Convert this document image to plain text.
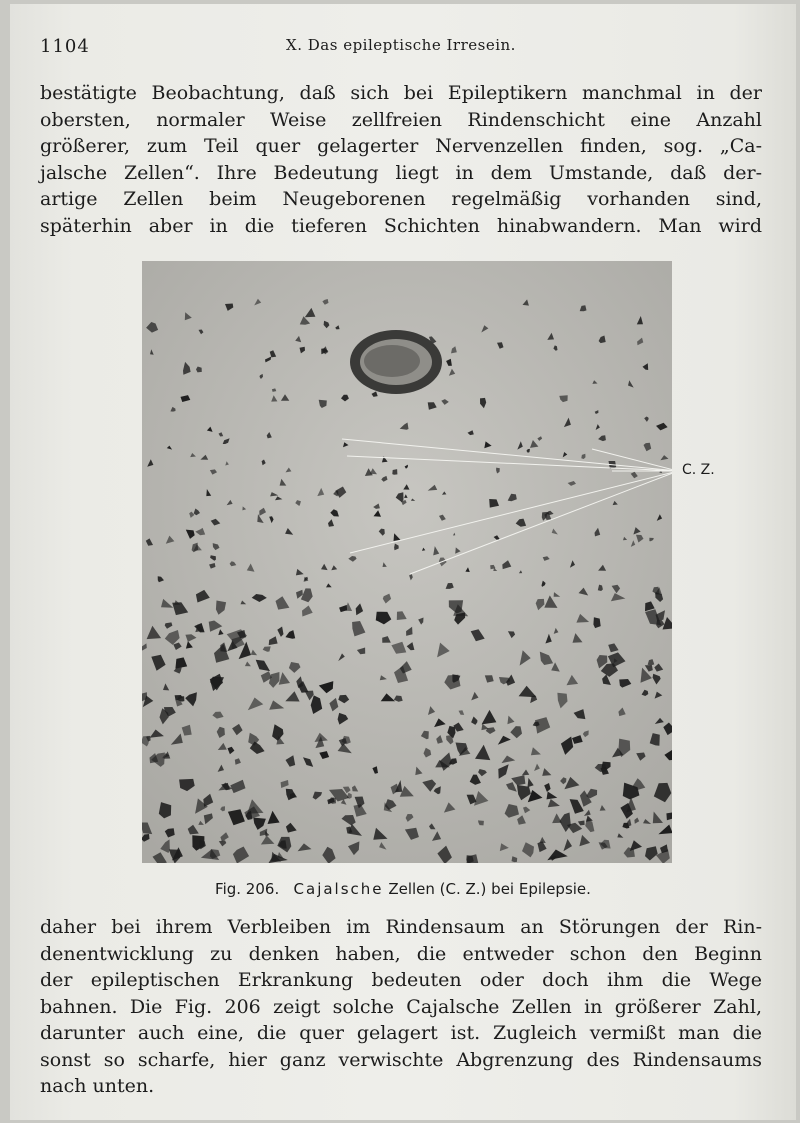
1104	X. Das epileptische Irresein.
bestätigte Beobachtung, daß sich bei Epileptikern manchmal in der
obersten, normaler Weise zellfreien Rindenschicht eine Anzahl
größerer, zum Teil quer gelagerter Nervenzellen finden, sog. „Ca-
jalsche Zellen“. Ihre Bedeutung liegt in dem Umstande, daß der-
artige Zellen beim Neugeborenen regelmäßig vorhanden sind,
späterhin aber in die tieferen Schichten hinabwandern. Man wird
C. Z.
Fig. 206. Cajalsche Zellen (C. Z.) bei Epilepsie.
daher bei ihrem Verbleiben im Rindensaum an Störungen der Rin-
denentwicklung zu denken haben, die entweder schon den Beginn
der epileptischen Erkrankung bedeuten oder doch ihm die Wege
bahnen. Die Fig. 206 zeigt solche Cajalsche Zellen in größerer Zahl,
darunter auch eine, die quer gelagert ist. Zugleich vermißt man die
sonst so scharfe, hier ganz verwischte Abgrenzung des Rindensaums
nach unten.
